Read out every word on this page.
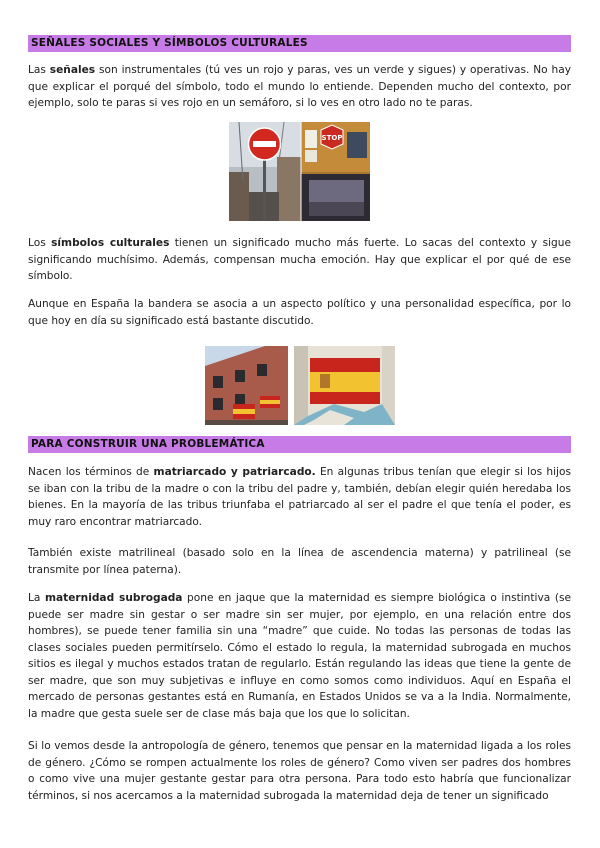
SEÑALES SOCIALES Y SÍMBOLOS CULTURALES

Las señales son instrumentales (tú ves un rojo y paras, ves un verde y sigues) y operativas. No hay que explicar el porqué del símbolo, todo el mundo lo entiende. Dependen mucho del contexto, por ejemplo, solo te paras si ves rojo en un semáforo, si lo ves en otro lado no te paras.

STOP

Los símbolos culturales tienen un significado mucho más fuerte. Lo sacas del contexto y sigue significando muchísimo. Además, compensan mucha emoción. Hay que explicar el por qué de ese símbolo.

Aunque en España la bandera se asocia a un aspecto político y una personalidad específica, por lo que hoy en día su significado está bastante discutido.

PARA CONSTRUIR UNA PROBLEMÁTICA

Nacen los términos de matriarcado y patriarcado. En algunas tribus tenían que elegir si los hijos se iban con la tribu de la madre o con la tribu del padre y, también, debían elegir quién heredaba los bienes. En la mayoría de las tribus triunfaba el patriarcado al ser el padre el que tenía el poder, es muy raro encontrar matriarcado.

También existe matrilineal (basado solo en la línea de ascendencia materna) y patrilineal (se transmite por línea paterna).

La maternidad subrogada pone en jaque que la maternidad es siempre biológica o instintiva (se puede ser madre sin gestar o ser madre sin ser mujer, por ejemplo, en una relación entre dos hombres), se puede tener familia sin una “madre” que cuide. No todas las personas de todas las clases sociales pueden permitírselo. Cómo el estado lo regula, la maternidad subrogada en muchos sitios es ilegal y muchos estados tratan de regularlo. Están regulando las ideas que tiene la gente de ser madre, que son muy subjetivas e influye en como somos como individuos. Aquí en España el mercado de personas gestantes está en Rumanía, en Estados Unidos se va a la India. Normalmente, la madre que gesta suele ser de clase más baja que los que lo solicitan.

Si lo vemos desde la antropología de género, tenemos que pensar en la maternidad ligada a los roles de género. ¿Cómo se rompen actualmente los roles de género? Como viven ser padres dos hombres o como vive una mujer gestante gestar para otra persona. Para todo esto habría que funcionalizar términos, si nos acercamos a la maternidad subrogada la maternidad deja de tener un significado
